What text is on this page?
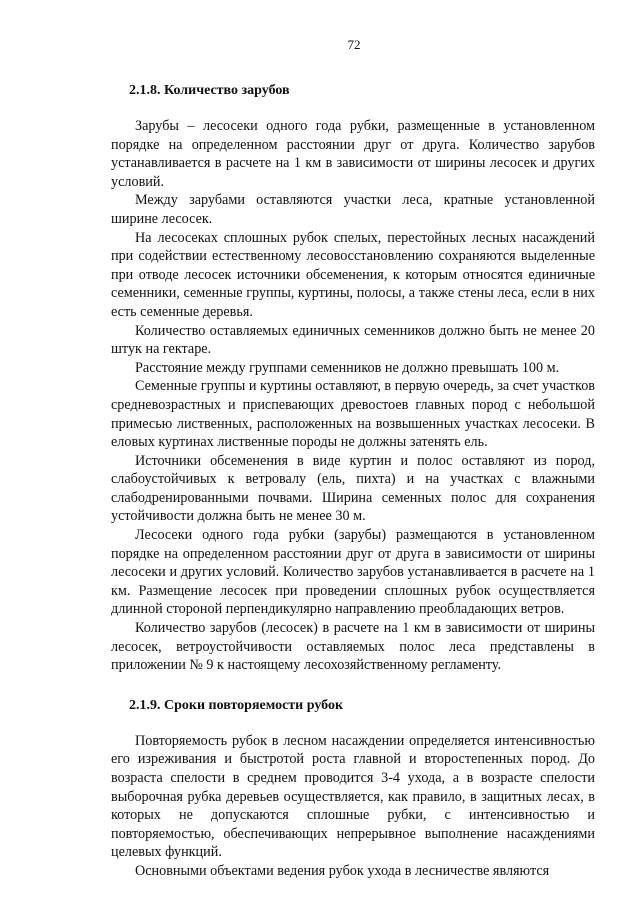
72
2.1.8. Количество зарубов

Зарубы – лесосеки одного года рубки, размещенные в установленном порядке на определенном расстоянии друг от друга. Количество зарубов устанавливается в расчете на 1 км в зависимости от ширины лесосек и других условий.

Между зарубами оставляются участки леса, кратные установленной ширине лесосек.

На лесосеках сплошных рубок спелых, перестойных лесных насаждений при содействии естественному лесовосстановлению сохраняются выделенные при отводе лесосек источники обсеменения, к которым относятся единичные семенники, семенные группы, куртины, полосы, а также стены леса, если в них есть семенные деревья.

Количество оставляемых единичных семенников должно быть не менее 20 штук на гектаре.

Расстояние между группами семенников не должно превышать 100 м.

Семенные группы и куртины оставляют, в первую очередь, за счет участков средневозрастных и приспевающих древостоев главных пород с небольшой примесью лиственных, расположенных на возвышенных участках лесосеки. В еловых куртинах лиственные породы не должны затенять ель.

Источники обсеменения в виде куртин и полос оставляют из пород, слабоустойчивых к ветровалу (ель, пихта) и на участках с влажными слабодренированными почвами. Ширина семенных полос для сохранения устойчивости должна быть не менее 30 м.

Лесосеки одного года рубки (зарубы) размещаются в установленном порядке на определенном расстоянии друг от друга в зависимости от ширины лесосеки и других условий. Количество зарубов устанавливается в расчете на 1 км. Размещение лесосек при проведении сплошных рубок осуществляется длинной стороной перпендикулярно направлению преобладающих ветров.

Количество зарубов (лесосек) в расчете на 1 км в зависимости от ширины лесосек, ветроустойчивости оставляемых полос леса представлены в приложении № 9 к настоящему лесохозяйственному регламенту.

2.1.9. Сроки повторяемости рубок

Повторяемость рубок в лесном насаждении определяется интенсивностью его изреживания и быстротой роста главной и второстепенных пород. До возраста спелости в среднем проводится 3-4 ухода, а в возрасте спелости выборочная рубка деревьев осуществляется, как правило, в защитных лесах, в которых не допускаются сплошные рубки, с интенсивностью и повторяемостью, обеспечивающих непрерывное выполнение насаждениями целевых функций.

Основными объектами ведения рубок ухода в лесничестве являются
